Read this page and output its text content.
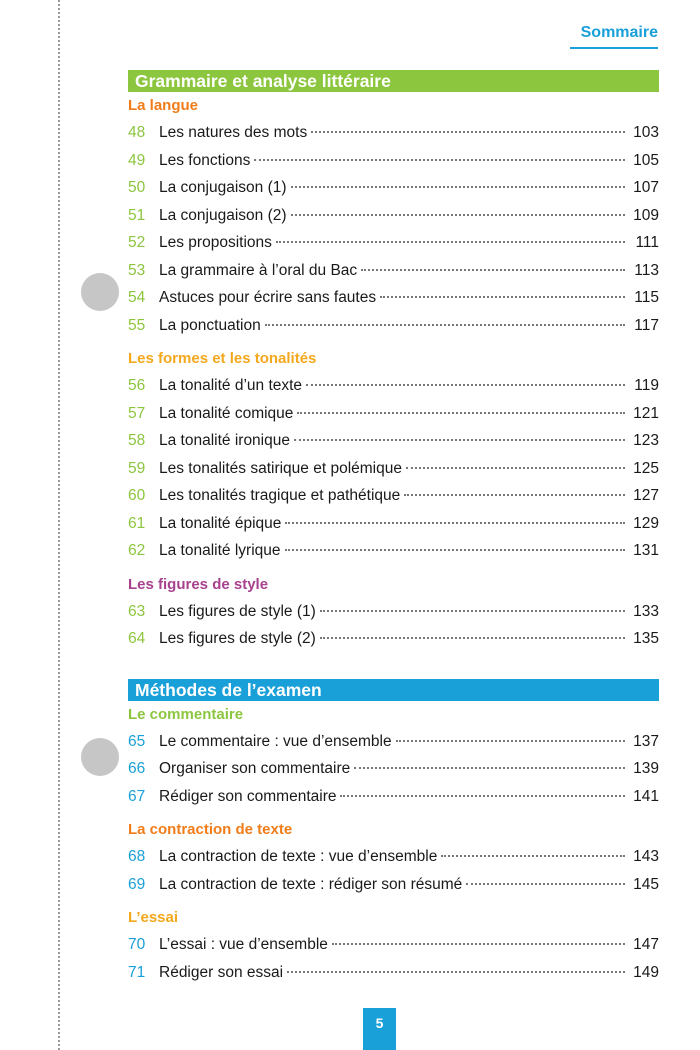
Sommaire
Grammaire et analyse littéraire
La langue
48 Les natures des mots	103
49 Les fonctions	105
50 La conjugaison (1)	107
51 La conjugaison (2)	109
52 Les propositions	111
53 La grammaire à l’oral du Bac	113
54 Astuces pour écrire sans fautes	115
55 La ponctuation	117
Les formes et les tonalités
56 La tonalité d’un texte	119
57 La tonalité comique	121
58 La tonalité ironique	123
59 Les tonalités satirique et polémique	125
60 Les tonalités tragique et pathétique	127
61 La tonalité épique	129
62 La tonalité lyrique	131
Les figures de style
63 Les figures de style (1)	133
64 Les figures de style (2)	135
Méthodes de l’examen
Le commentaire
65 Le commentaire : vue d’ensemble	137
66 Organiser son commentaire	139
67 Rédiger son commentaire	141
La contraction de texte
68 La contraction de texte : vue d’ensemble	143
69 La contraction de texte : rédiger son résumé	145
L’essai
70 L’essai : vue d’ensemble	147
71 Rédiger son essai	149
5
